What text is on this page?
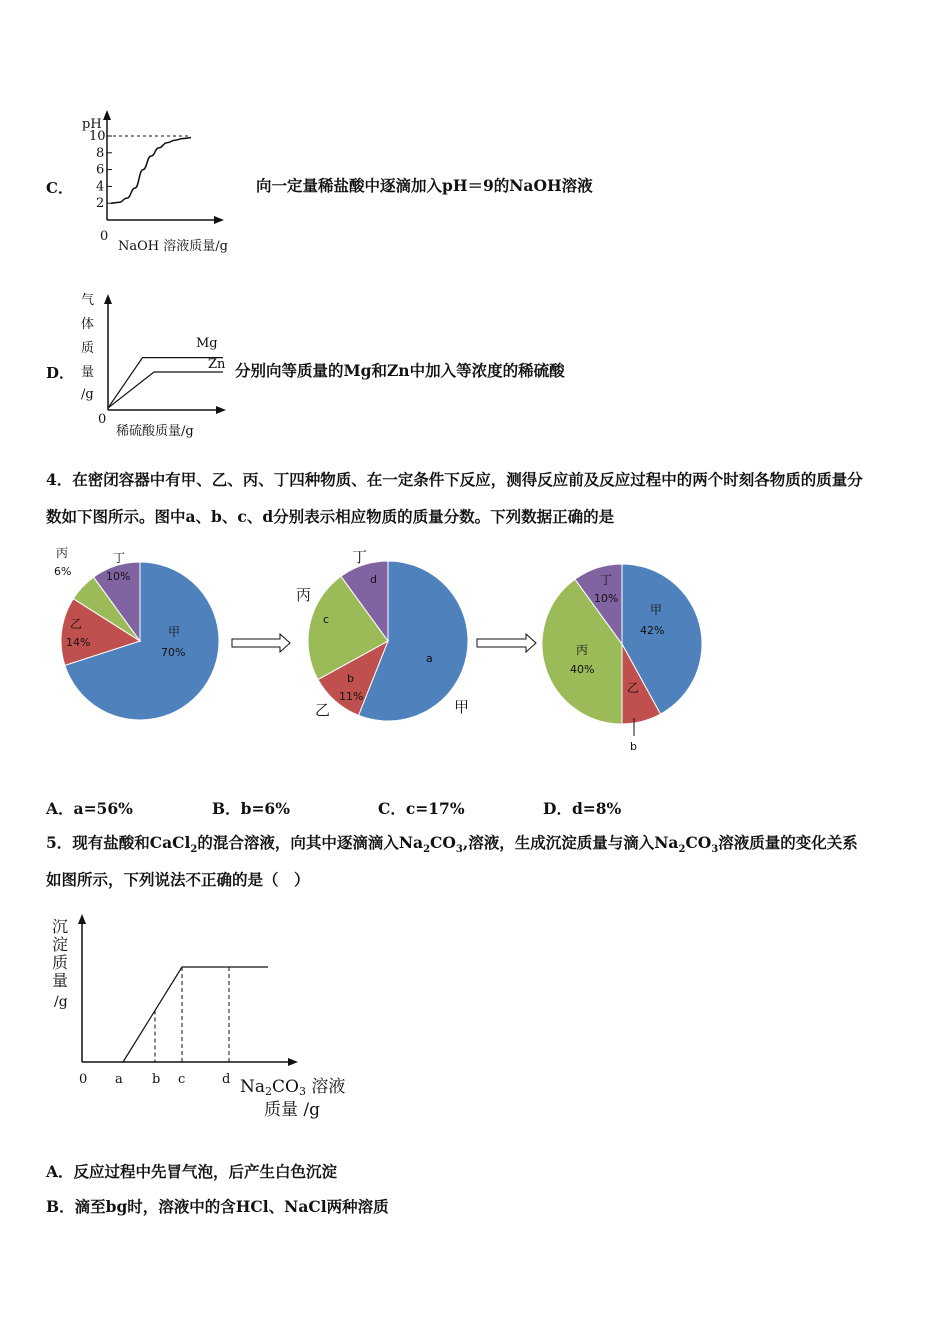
C．
pH
10
8
6
4
2
0
NaOH 溶液质量/g
向一定量稀盐酸中逐滴加入pH＝9的NaOH溶液
D．
气
体
质
量
/g
Mg
Zn
0
稀硫酸质量/g
分别向等质量的Mg和Zn中加入等浓度的稀硫酸
4．在密闭容器中有甲、乙、丙、丁四种物质、在一定条件下反应，测得反应前及反应过程中的两个时刻各物质的质量分
数如下图所示。图中a、b、c、d分别表示相应物质的质量分数。下列数据正确的是
丙
6%
丁
10%
乙
14%
甲
70%
丁
d
丙
c
a
b
11%
乙	甲
丁
10%
甲
42%
丙
40%
乙
b
A．a=56%	B．b=6%	C．c=17%	D．d=8%
5．现有盐酸和CaCl$_2$的混合溶液，向其中逐滴滴入$Na_2CO_3$,溶液，生成沉淀质量与滴入$Na_2CO_3$溶液质量的变化关系
如图所示，下列说法不正确的是（　）
沉
淀
质
量
/g
0 a b c	d Na2CO3 溶液
质量 /g
A．反应过程中先冒气泡，后产生白色沉淀
B．滴至bg时，溶液中的含HCl、NaCl两种溶质
